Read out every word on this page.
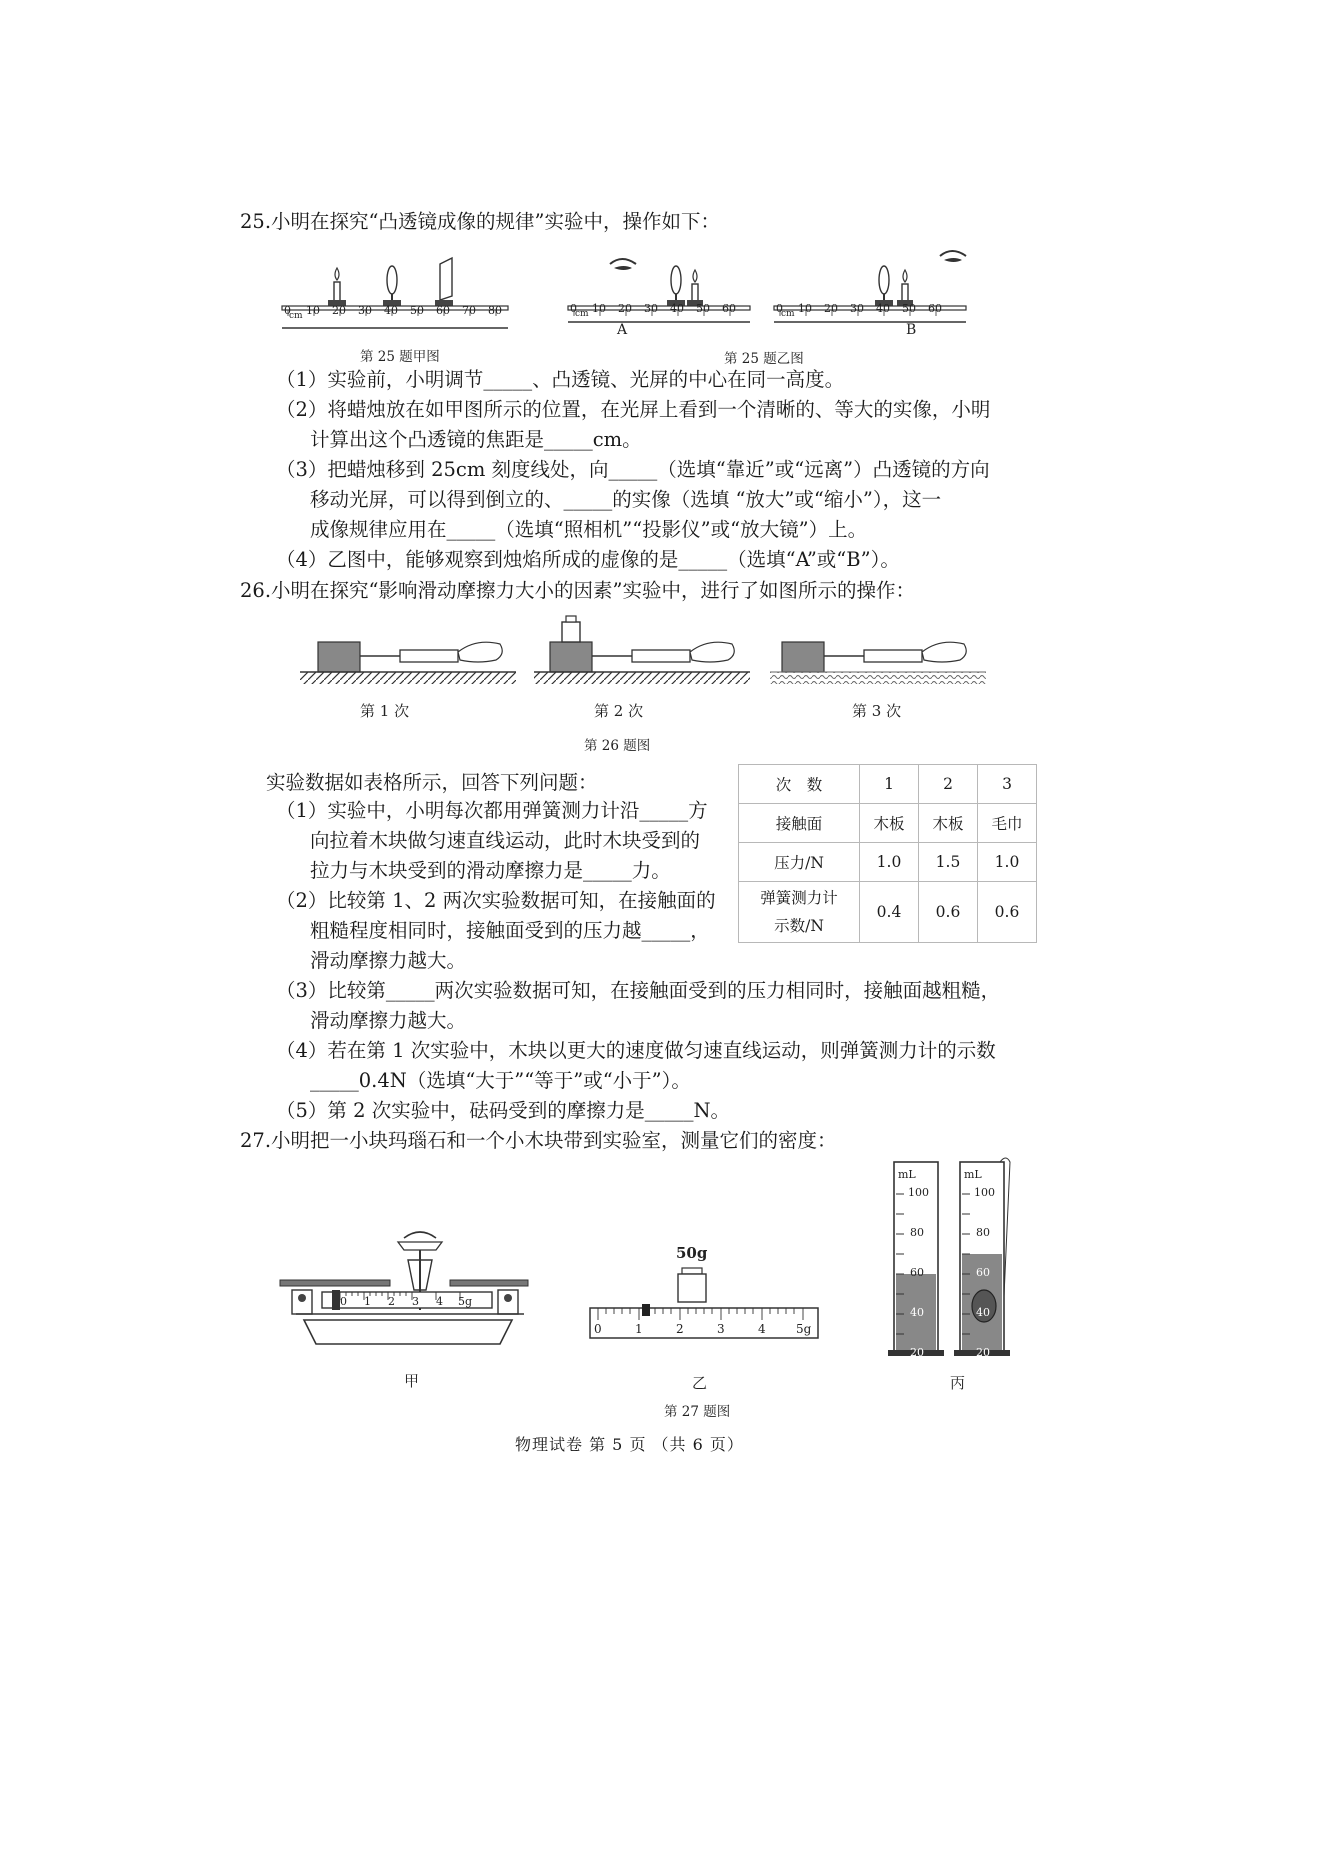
25.小明在探究“凸透镜成像的规律”实验中，操作如下：
0
cm 10 20 30 40 50 60 70 80
第 25 题甲图
0
cm 10 20 30 40 50 60
A
0
cm 10 20 30 40 50 60
B
第 25 题乙图
（1）实验前，小明调节_____、凸透镜、光屏的中心在同一高度。
（2）将蜡烛放在如甲图所示的位置，在光屏上看到一个清晰的、等大的实像，小明
计算出这个凸透镜的焦距是_____cm。
（3）把蜡烛移到 25cm 刻度线处，向_____（选填“靠近”或“远离”）凸透镜的方向
移动光屏，可以得到倒立的、_____的实像（选填 “放大”或“缩小”），这一
成像规律应用在_____（选填“照相机”“投影仪”或“放大镜”）上。
（4）乙图中，能够观察到烛焰所成的虚像的是_____（选填“A”或“B”）。
26.小明在探究“影响滑动摩擦力大小的因素”实验中，进行了如图所示的操作：
第 1 次	第 2 次	第 3 次
第 26 题图
实验数据如表格所示，回答下列问题：
（1）实验中，小明每次都用弹簧测力计沿_____方
向拉着木块做匀速直线运动，此时木块受到的
拉力与木块受到的滑动摩擦力是_____力。
（2）比较第 1、2 两次实验数据可知，在接触面的
粗糙程度相同时，接触面受到的压力越_____，
滑动摩擦力越大。
次　数	1	2	3
接触面	木板	木板	毛巾
压力/N	1.0	1.5	1.0
弹簧测力计
示数/N	0.4	0.6	0.6
（3）比较第_____两次实验数据可知，在接触面受到的压力相同时，接触面越粗糙，
滑动摩擦力越大。
（4）若在第 1 次实验中，木块以更大的速度做匀速直线运动，则弹簧测力计的示数
_____0.4N（选填“大于”“等于”或“小于”）。
（5）第 2 次实验中，砝码受到的摩擦力是_____N。
27.小明把一小块玛瑙石和一个小木块带到实验室，测量它们的密度：
0 1 2 3 4 5g
甲
50g
0	1	2	3	4	5g
乙
mL
100
80
60
40
20
mL
100
80
60
40
20
丙
第 27 题图
物理试卷 第 5 页 （共 6 页）
